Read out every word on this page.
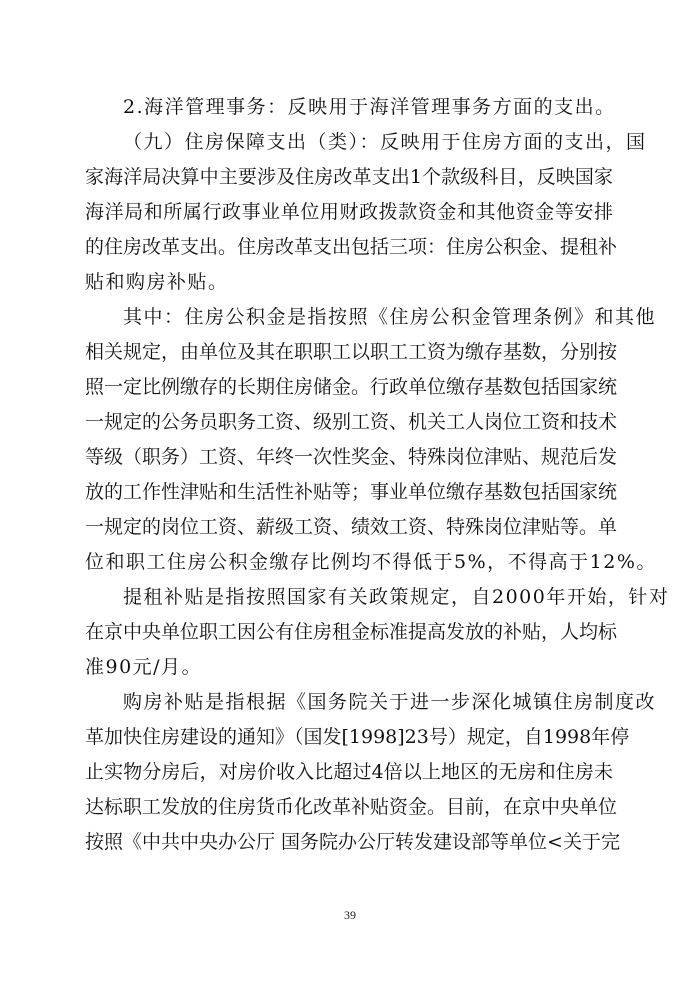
2.海洋管理事务：反映用于海洋管理事务方面的支出。
（九）住房保障支出（类）：反映用于住房方面的支出，国
家海洋局决算中主要涉及住房改革支出1个款级科目，反映国家
海洋局和所属行政事业单位用财政拨款资金和其他资金等安排
的住房改革支出。住房改革支出包括三项：住房公积金、提租补
贴和购房补贴。
其中：住房公积金是指按照《住房公积金管理条例》和其他
相关规定，由单位及其在职职工以职工工资为缴存基数，分别按
照一定比例缴存的长期住房储金。行政单位缴存基数包括国家统
一规定的公务员职务工资、级别工资、机关工人岗位工资和技术
等级（职务）工资、年终一次性奖金、特殊岗位津贴、规范后发
放的工作性津贴和生活性补贴等；事业单位缴存基数包括国家统
一规定的岗位工资、薪级工资、绩效工资、特殊岗位津贴等。单
位和职工住房公积金缴存比例均不得低于5%，不得高于12%。
提租补贴是指按照国家有关政策规定，自2000年开始，针对
在京中央单位职工因公有住房租金标准提高发放的补贴，人均标
准90元/月。
购房补贴是指根据《国务院关于进一步深化城镇住房制度改
革加快住房建设的通知》（国发[1998]23号）规定，自1998年停
止实物分房后，对房价收入比超过4倍以上地区的无房和住房未
达标职工发放的住房货币化改革补贴资金。目前，在京中央单位
按照《中共中央办公厅 国务院办公厅转发建设部等单位<关于完
39
